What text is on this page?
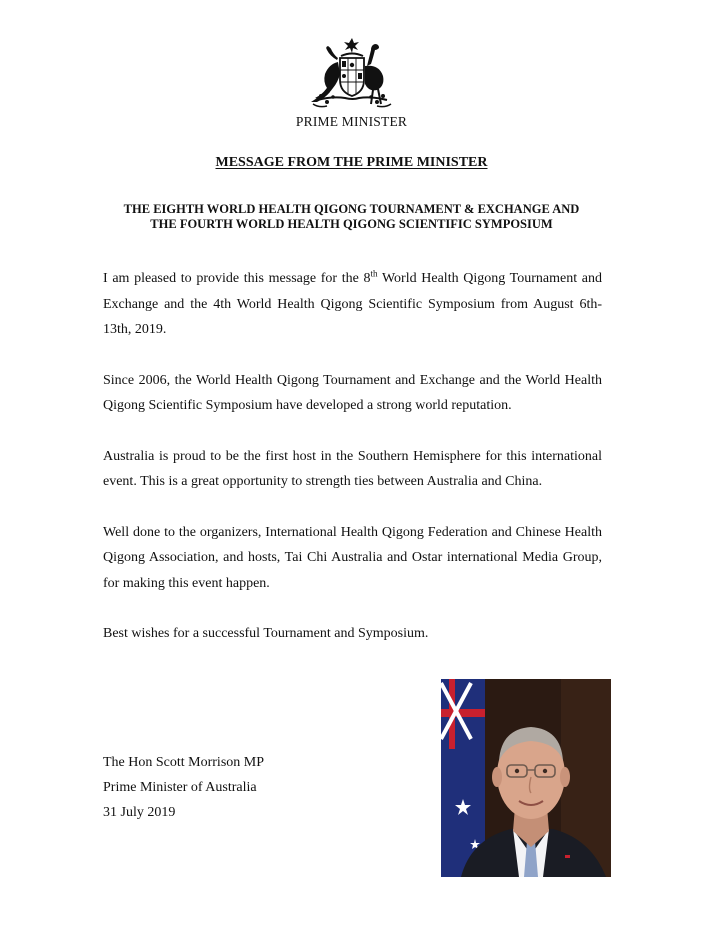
PRIME MINISTER
MESSAGE FROM THE PRIME MINISTER
THE EIGHTH WORLD HEALTH QIGONG TOURNAMENT & EXCHANGE AND
THE FOURTH WORLD HEALTH QIGONG SCIENTIFIC SYMPOSIUM

I am pleased to provide this message for the 8th World Health Qigong Tournament and Exchange and the 4th World Health Qigong Scientific Symposium from August 6th-13th, 2019.

Since 2006, the World Health Qigong Tournament and Exchange and the World Health Qigong Scientific Symposium have developed a strong world reputation.

Australia is proud to be the first host in the Southern Hemisphere for this international event. This is a great opportunity to strength ties between Australia and China.

Well done to the organizers, International Health Qigong Federation and Chinese Health Qigong Association, and hosts, Tai Chi Australia and Ostar international Media Group, for making this event happen.

Best wishes for a successful Tournament and Symposium.

The Hon Scott Morrison MP
Prime Minister of Australia
31 July 2019
